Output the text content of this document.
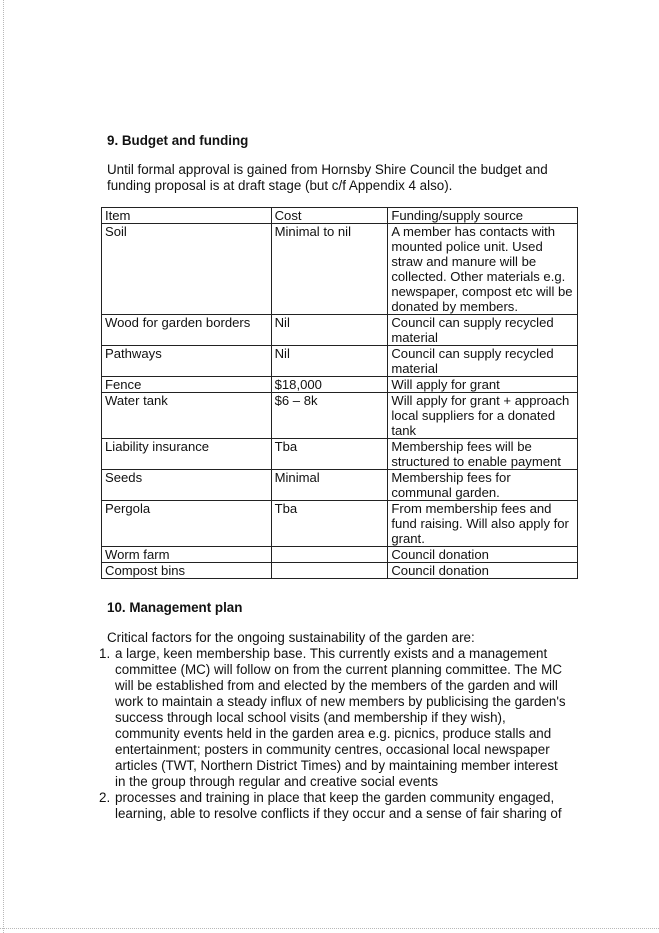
9. Budget and funding

Until formal approval is gained from Hornsby Shire Council the budget and funding proposal is at draft stage (but c/f Appendix 4 also).

Item	Cost	Funding/supply source
Soil	Minimal to nil	A member has contacts with mounted police unit. Used straw and manure will be collected. Other materials e.g. newspaper, compost etc will be donated by members.
Wood for garden borders	Nil	Council can supply recycled material
Pathways	Nil	Council can supply recycled material
Fence	$18,000	Will apply for grant
Water tank	$6 – 8k	Will apply for grant + approach local suppliers for a donated tank
Liability insurance	Tba	Membership fees will be structured to enable payment
Seeds	Minimal	Membership fees for communal garden.
Pergola	Tba	From membership fees and fund raising. Will also apply for grant.
Worm farm		Council donation
Compost bins		Council donation
10. Management plan

Critical factors for the ongoing sustainability of the garden are:

1. a large, keen membership base. This currently exists and a management committee (MC) will follow on from the current planning committee. The MC will be established from and elected by the members of the garden and will work to maintain a steady influx of new members by publicising the garden's success through local school visits (and membership if they wish), community events held in the garden area e.g. picnics, produce stalls and entertainment; posters in community centres, occasional local newspaper articles (TWT, Northern District Times) and by maintaining member interest in the group through regular and creative social events
2. processes and training in place that keep the garden community engaged, learning, able to resolve conflicts if they occur and a sense of fair sharing of
